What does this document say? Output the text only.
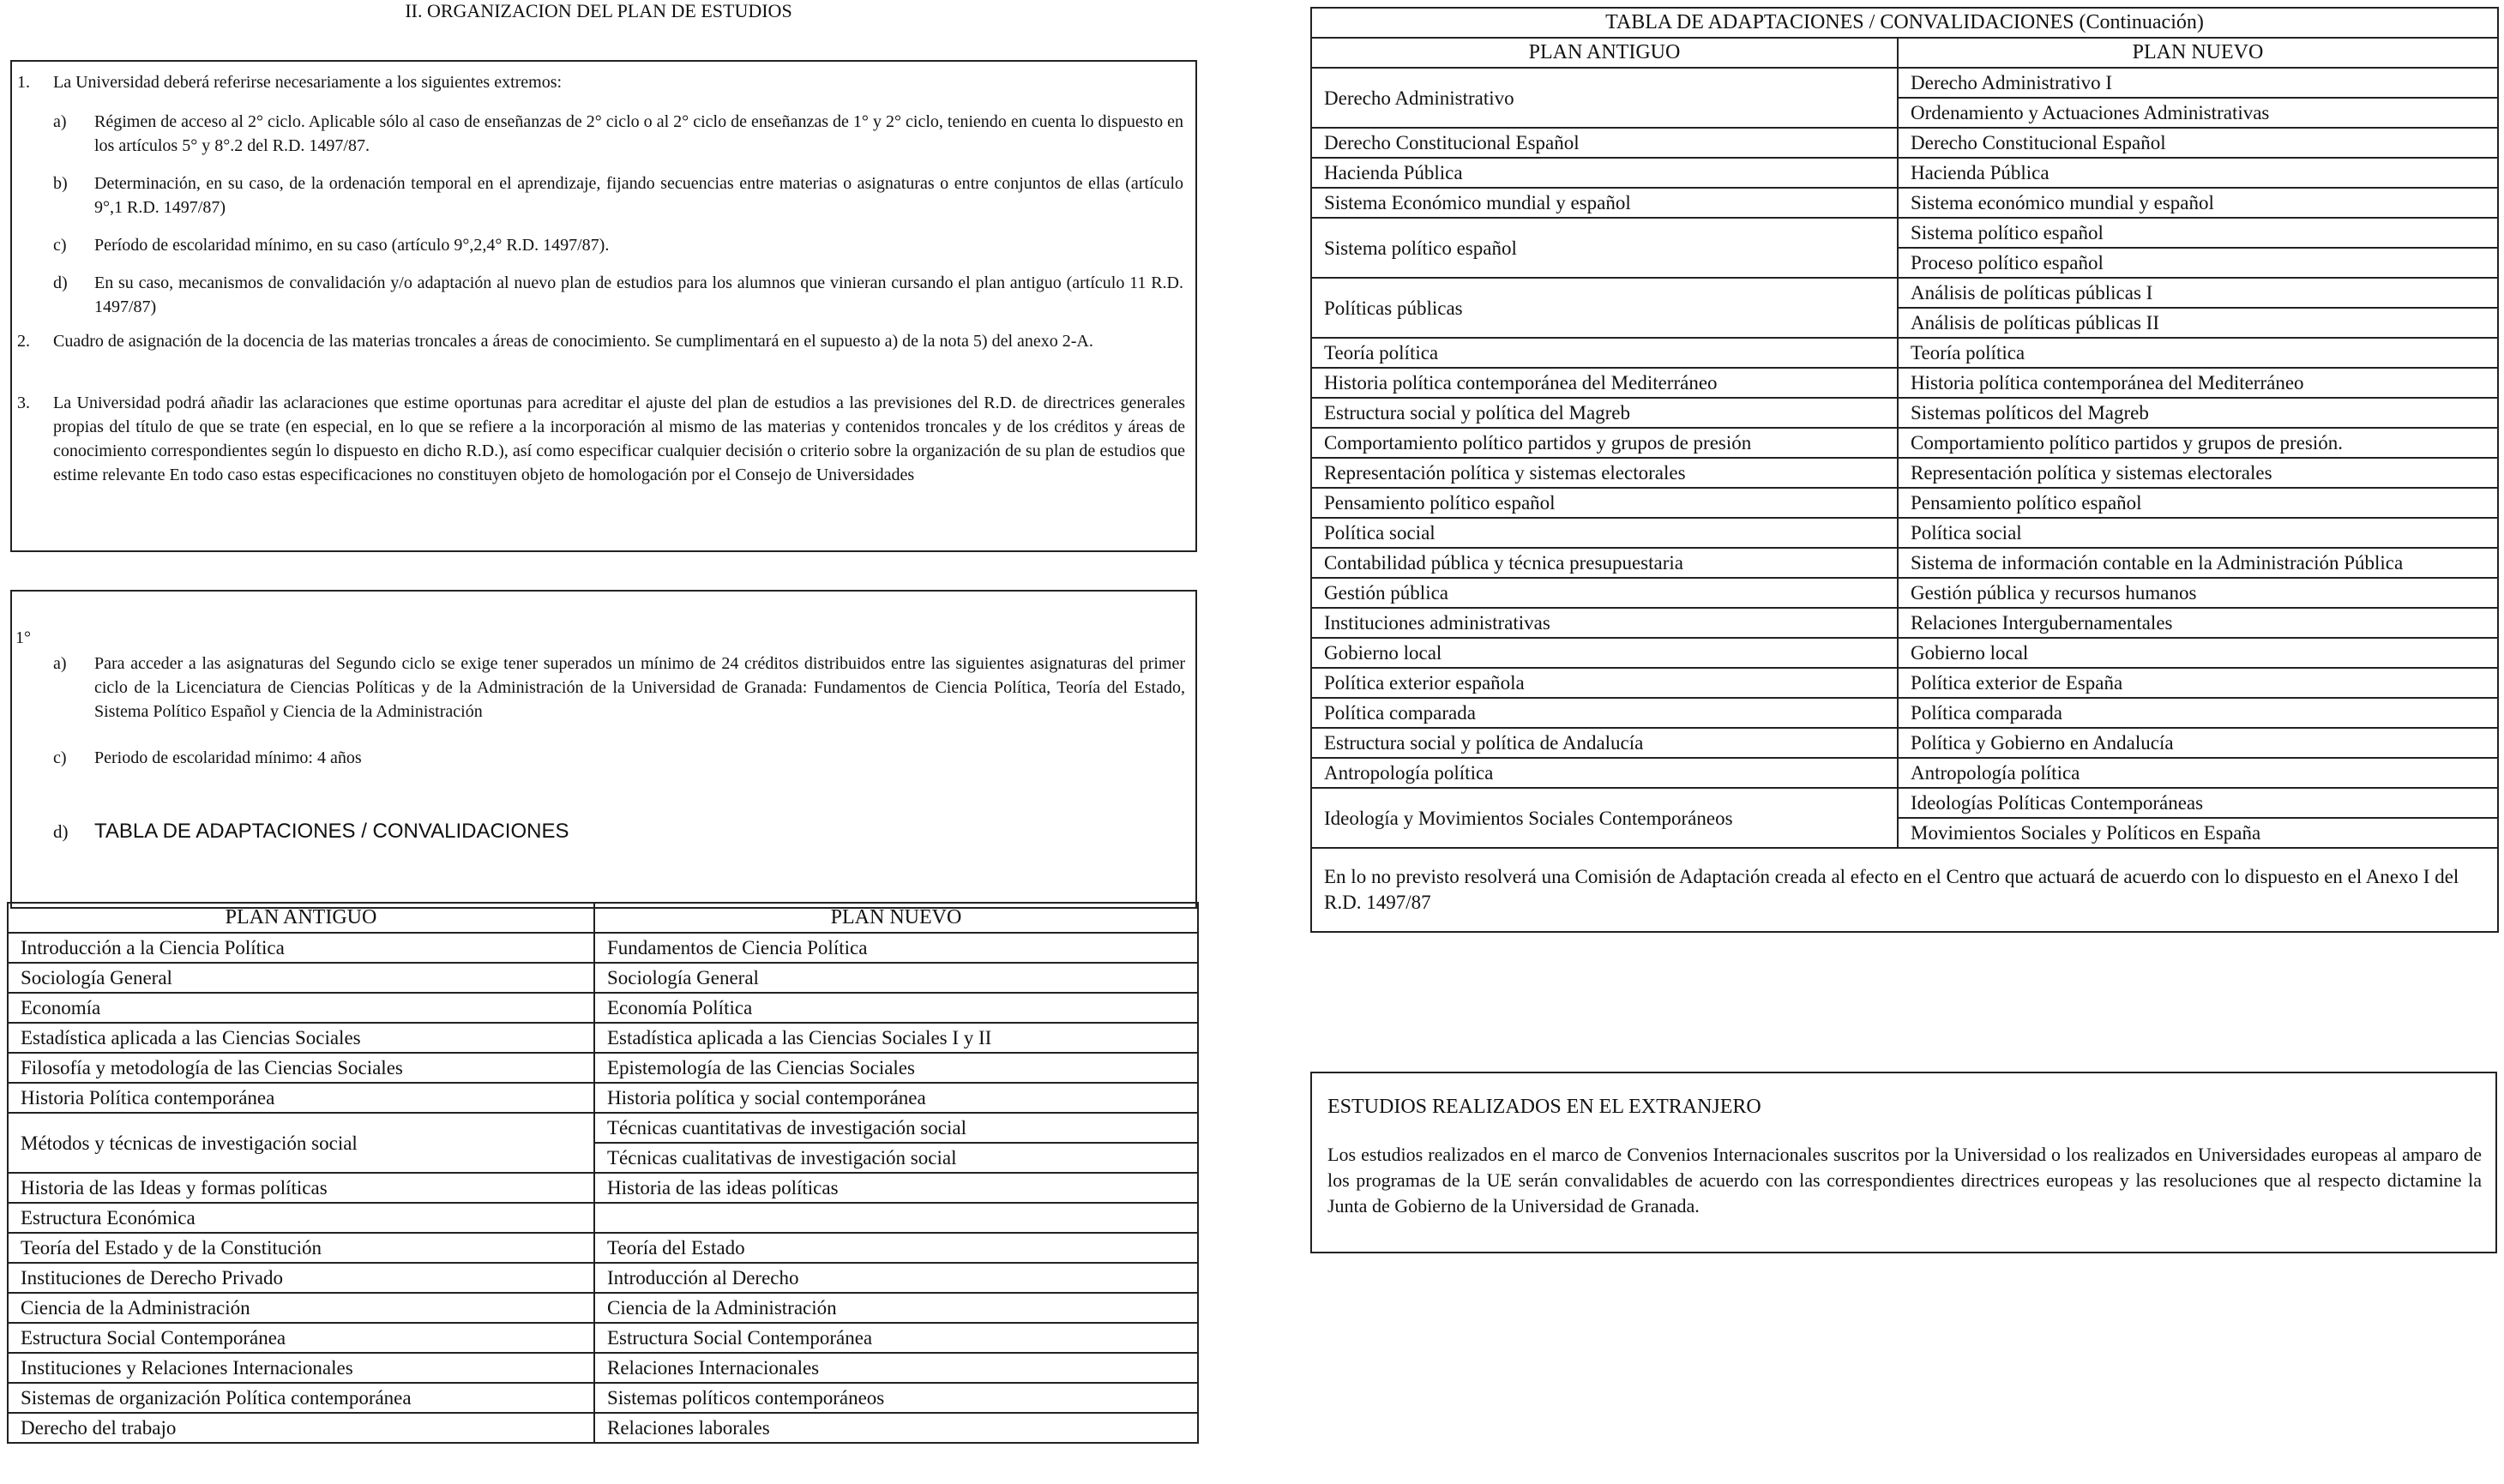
II. ORGANIZACION DEL PLAN DE ESTUDIOS
1. La Universidad deberá referirse necesariamente a los siguientes extremos:
a) Régimen de acceso al 2° ciclo. Aplicable sólo al caso de enseñanzas de 2° ciclo o al 2° ciclo de enseñanzas de 1° y 2° ciclo, teniendo en cuenta lo dispuesto en los artículos 5° y 8°.2 del R.D. 1497/87.
b) Determinación, en su caso, de la ordenación temporal en el aprendizaje, fijando secuencias entre materias o asignaturas o entre conjuntos de ellas (artículo 9°,1 R.D. 1497/87)
c) Período de escolaridad mínimo, en su caso (artículo 9°,2,4° R.D. 1497/87).
d) En su caso, mecanismos de convalidación y/o adaptación al nuevo plan de estudios para los alumnos que vinieran cursando el plan antiguo (artículo 11 R.D. 1497/87)
2. Cuadro de asignación de la docencia de las materias troncales a áreas de conocimiento. Se cumplimentará en el supuesto a) de la nota 5) del anexo 2-A.
3. La Universidad podrá añadir las aclaraciones que estime oportunas para acreditar el ajuste del plan de estudios a las previsiones del R.D. de directrices generales propias del título de que se trate (en especial, en lo que se refiere a la incorporación al mismo de las materias y contenidos troncales y de los créditos y áreas de conocimiento correspondientes según lo dispuesto en dicho R.D.), así como especificar cualquier decisión o criterio sobre la organización de su plan de estudios que estime relevante En todo caso estas especificaciones no constituyen objeto de homologación por el Consejo de Universidades
1°
a) Para acceder a las asignaturas del Segundo ciclo se exige tener superados un mínimo de 24 créditos distribuidos entre las siguientes asignaturas del primer ciclo de la Licenciatura de Ciencias Políticas y de la Administración de la Universidad de Granada: Fundamentos de Ciencia Política, Teoría del Estado, Sistema Político Español y Ciencia de la Administración
c) Periodo de escolaridad mínimo: 4 años
d) TABLA DE ADAPTACIONES / CONVALIDACIONES
PLAN ANTIGUO	PLAN NUEVO
Introducción a la Ciencia Política	Fundamentos de Ciencia Política
Sociología General	Sociología General
Economía	Economía Política
Estadística aplicada a las Ciencias Sociales	Estadística aplicada a las Ciencias Sociales I y II
Filosofía y metodología de las Ciencias Sociales	Epistemología de las Ciencias Sociales
Historia Política contemporánea	Historia política y social contemporánea
Métodos y técnicas de investigación social	Técnicas cuantitativas de investigación social
	Técnicas cualitativas de investigación social
Historia de las Ideas y formas políticas	Historia de las ideas políticas
Estructura Económica	
Teoría del Estado y de la Constitución	Teoría del Estado
Instituciones de Derecho Privado	Introducción al Derecho
Ciencia de la Administración	Ciencia de la Administración
Estructura Social Contemporánea	Estructura Social Contemporánea
Instituciones y Relaciones Internacionales	Relaciones Internacionales
Sistemas de organización Política contemporánea	Sistemas políticos contemporáneos
Derecho del trabajo	Relaciones laborales
TABLA DE ADAPTACIONES / CONVALIDACIONES (Continuación)	
PLAN ANTIGUO	PLAN NUEVO
Derecho Administrativo	Derecho Administrativo I
	Ordenamiento y Actuaciones Administrativas
Derecho Constitucional Español	Derecho Constitucional Español
Hacienda Pública	Hacienda Pública
Sistema Económico mundial y español	Sistema económico mundial y español
Sistema político español	Sistema político español
	Proceso político español
Políticas públicas	Análisis de políticas públicas I
	Análisis de políticas públicas II
Teoría política	Teoría política
Historia política contemporánea del Mediterráneo	Historia política contemporánea del Mediterráneo
Estructura social y política del Magreb	Sistemas políticos del Magreb
Comportamiento político partidos y grupos de presión	Comportamiento político partidos y grupos de presión.
Representación política y sistemas electorales	Representación política y sistemas electorales
Pensamiento político español	Pensamiento político español
Política social	Política social
Contabilidad pública y técnica presupuestaria	Sistema de información contable en la Administración Pública
Gestión pública	Gestión pública y recursos humanos
Instituciones administrativas	Relaciones Intergubernamentales
Gobierno local	Gobierno local
Política exterior española	Política exterior de España
Política comparada	Política comparada
Estructura social y política de Andalucía	Política y Gobierno en Andalucía
Antropología política	Antropología política
Ideología y Movimientos Sociales Contemporáneos	Ideologías Políticas Contemporáneas
	Movimientos Sociales y Políticos en España
En lo no previsto resolverá una Comisión de Adaptación creada al efecto en el Centro que actuará de acuerdo con lo dispuesto en el Anexo I del R.D. 1497/87	
ESTUDIOS REALIZADOS EN EL EXTRANJERO
Los estudios realizados en el marco de Convenios Internacionales suscritos por la Universidad o los realizados en Universidades europeas al amparo de los programas de la UE serán convalidables de acuerdo con las correspondientes directrices europeas y las resoluciones que al respecto dictamine la Junta de Gobierno de la Universidad de Granada.
